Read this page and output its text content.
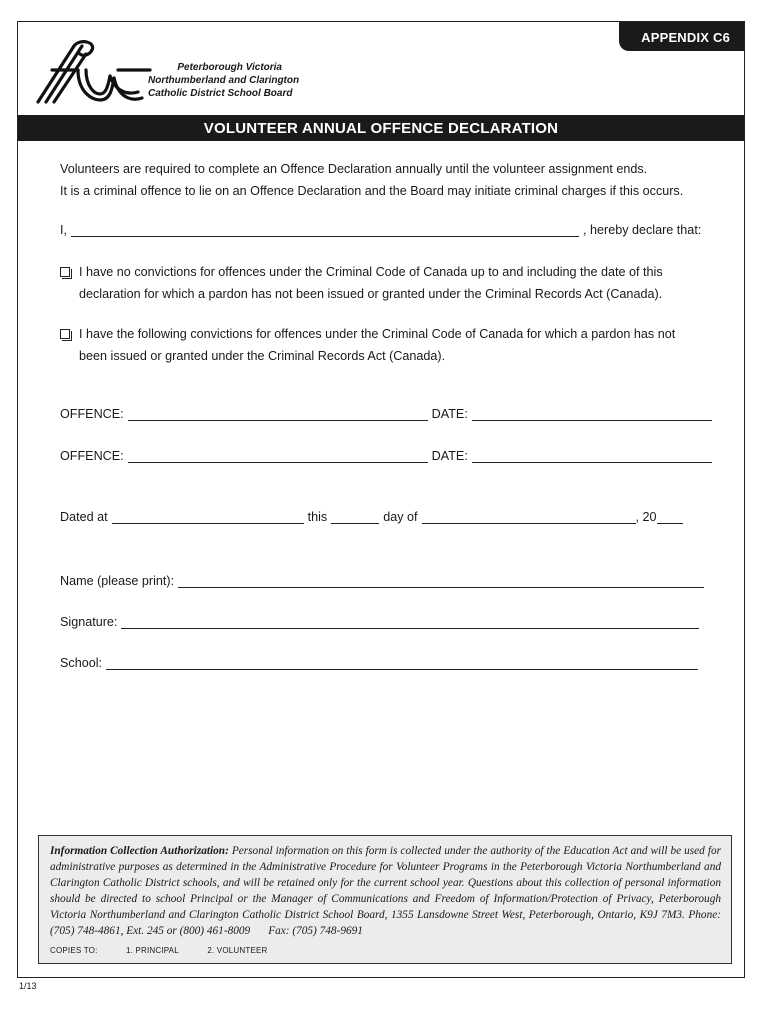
APPENDIX C6
Peterborough Victoria
Northumberland and Clarington
Catholic District School Board
VOLUNTEER ANNUAL OFFENCE DECLARATION
Volunteers are required to complete an Offence Declaration annually until the volunteer assignment ends.
It is a criminal offence to lie on an Offence Declaration and the Board may initiate criminal charges if this occurs.
I,	, hereby declare that:
I have no convictions for offences under the Criminal Code of Canada up to and including the date of this
declaration for which a pardon has not been issued or granted under the Criminal Records Act (Canada).
I have the following convictions for offences under the Criminal Code of Canada for which a pardon has not
been issued or granted under the Criminal Records Act (Canada).
OFFENCE:	DATE:
OFFENCE:	DATE:
Dated at	this	day of	, 20
Name (please print):
Signature:
School:
Information Collection Authorization: Personal information on this form is collected under the authority of the Education Act and will be used for administrative purposes as determined in the Administrative Procedure for Volunteer Programs in the Peterborough Victoria Northumberland and Clarington Catholic District schools, and will be retained only for the current school year. Questions about this collection of personal information should be directed to school Principal or the Manager of Communications and Freedom of Information/Protection of Privacy, Peterborough Victoria Northumberland and Clarington Catholic District School Board, 1355 Lansdowne Street West, Peterborough, Ontario, K9J 7M3. Phone: (705) 748-4861, Ext. 245 or (800) 461-8009 Fax: (705) 748-9691
COPIES TO:	1. PRINCIPAL	2. VOLUNTEER
1/13
